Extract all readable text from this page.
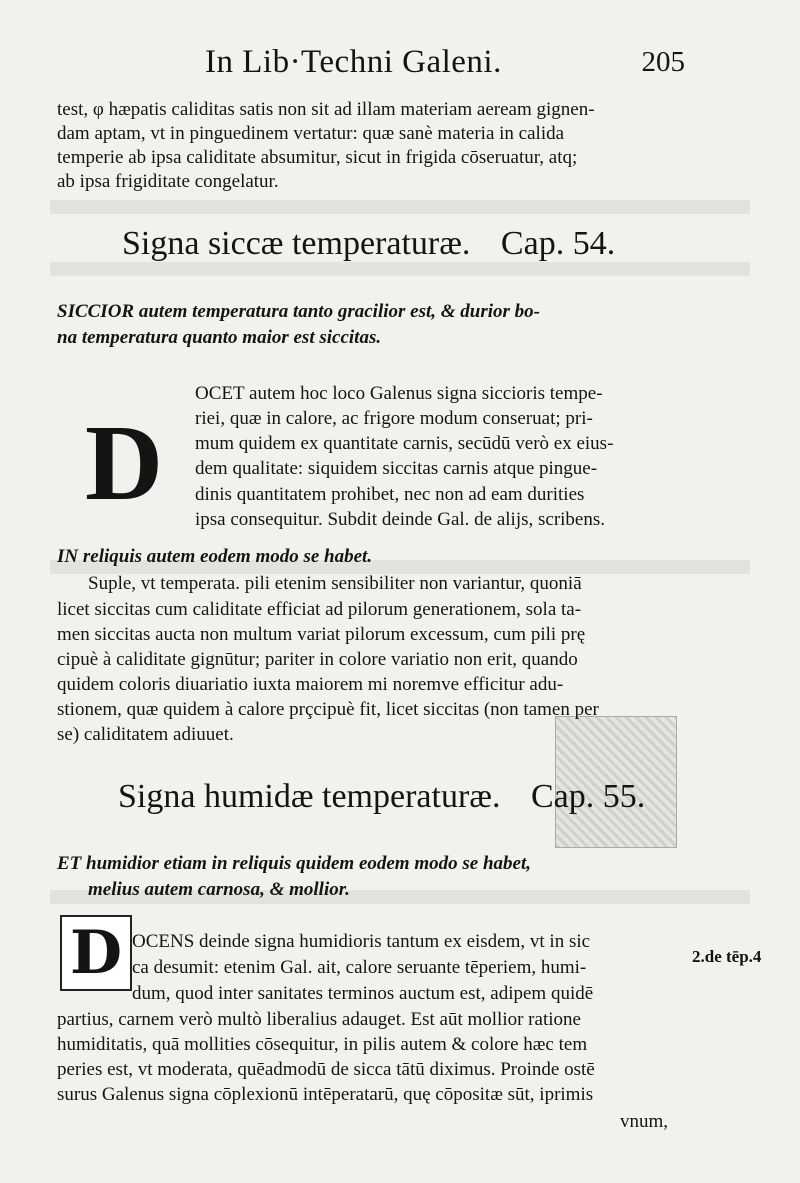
In Lib·Techni Galeni.	205
test, φ hæpatis caliditas satis non sit ad illam materiam aeream gignen-
dam aptam, vt in pinguedinem vertatur: quæ sanè materia in calida
temperie ab ipsa caliditate absumitur, sicut in frigida cōseruatur, atq;
ab ipsa frigiditate congelatur.
Signa siccæ temperaturæ. Cap. 54.
SICCIOR autem temperatura tanto gracilior est, & durior bo-
na temperatura quanto maior est siccitas.
D
OCET autem hoc loco Galenus signa siccioris tempe-
riei, quæ in calore, ac frigore modum conseruat; pri-
mum quidem ex quantitate carnis, secūdū verò ex eius-
dem qualitate: siquidem siccitas carnis atque pingue-
dinis quantitatem prohibet, nec non ad eam durities
ipsa consequitur. Subdit deinde Gal. de alijs, scribens.
IN reliquis autem eodem modo se habet.
Suple, vt temperata. pili etenim sensibiliter non variantur, quoniā
licet siccitas cum caliditate efficiat ad pilorum generationem, sola ta-
men siccitas aucta non multum variat pilorum excessum, cum pili prę
cipuè à caliditate gignūtur; pariter in colore variatio non erit, quando
quidem coloris diuariatio iuxta maiorem mi noremve efficitur adu-
stionem, quæ quidem à calore prçcipuè fit, licet siccitas (non tamen per
se) caliditatem adiuuet.
Signa humidæ temperaturæ. Cap. 55.
ET humidior etiam in reliquis quidem eodem modo se habet,
melius autem carnosa, & mollior.
D OCENS deinde signa humidioris tantum ex eisdem, vt in sic
ca desumit: etenim Gal. ait, calore seruante tēperiem, humi-
dum, quod inter sanitates terminos auctum est, adipem quidē
partius, carnem verò multò liberalius adauget. Est aūt mollior ratione
humiditatis, quā mollities cōsequitur, in pilis autem & colore hæc tem
peries est, vt moderata, quēadmodū de sicca tātū diximus. Proinde ostē
surus Galenus signa cōplexionū intēperatarū, quę cōpositæ sūt, iprimis
vnum,
2.de tēp.4
